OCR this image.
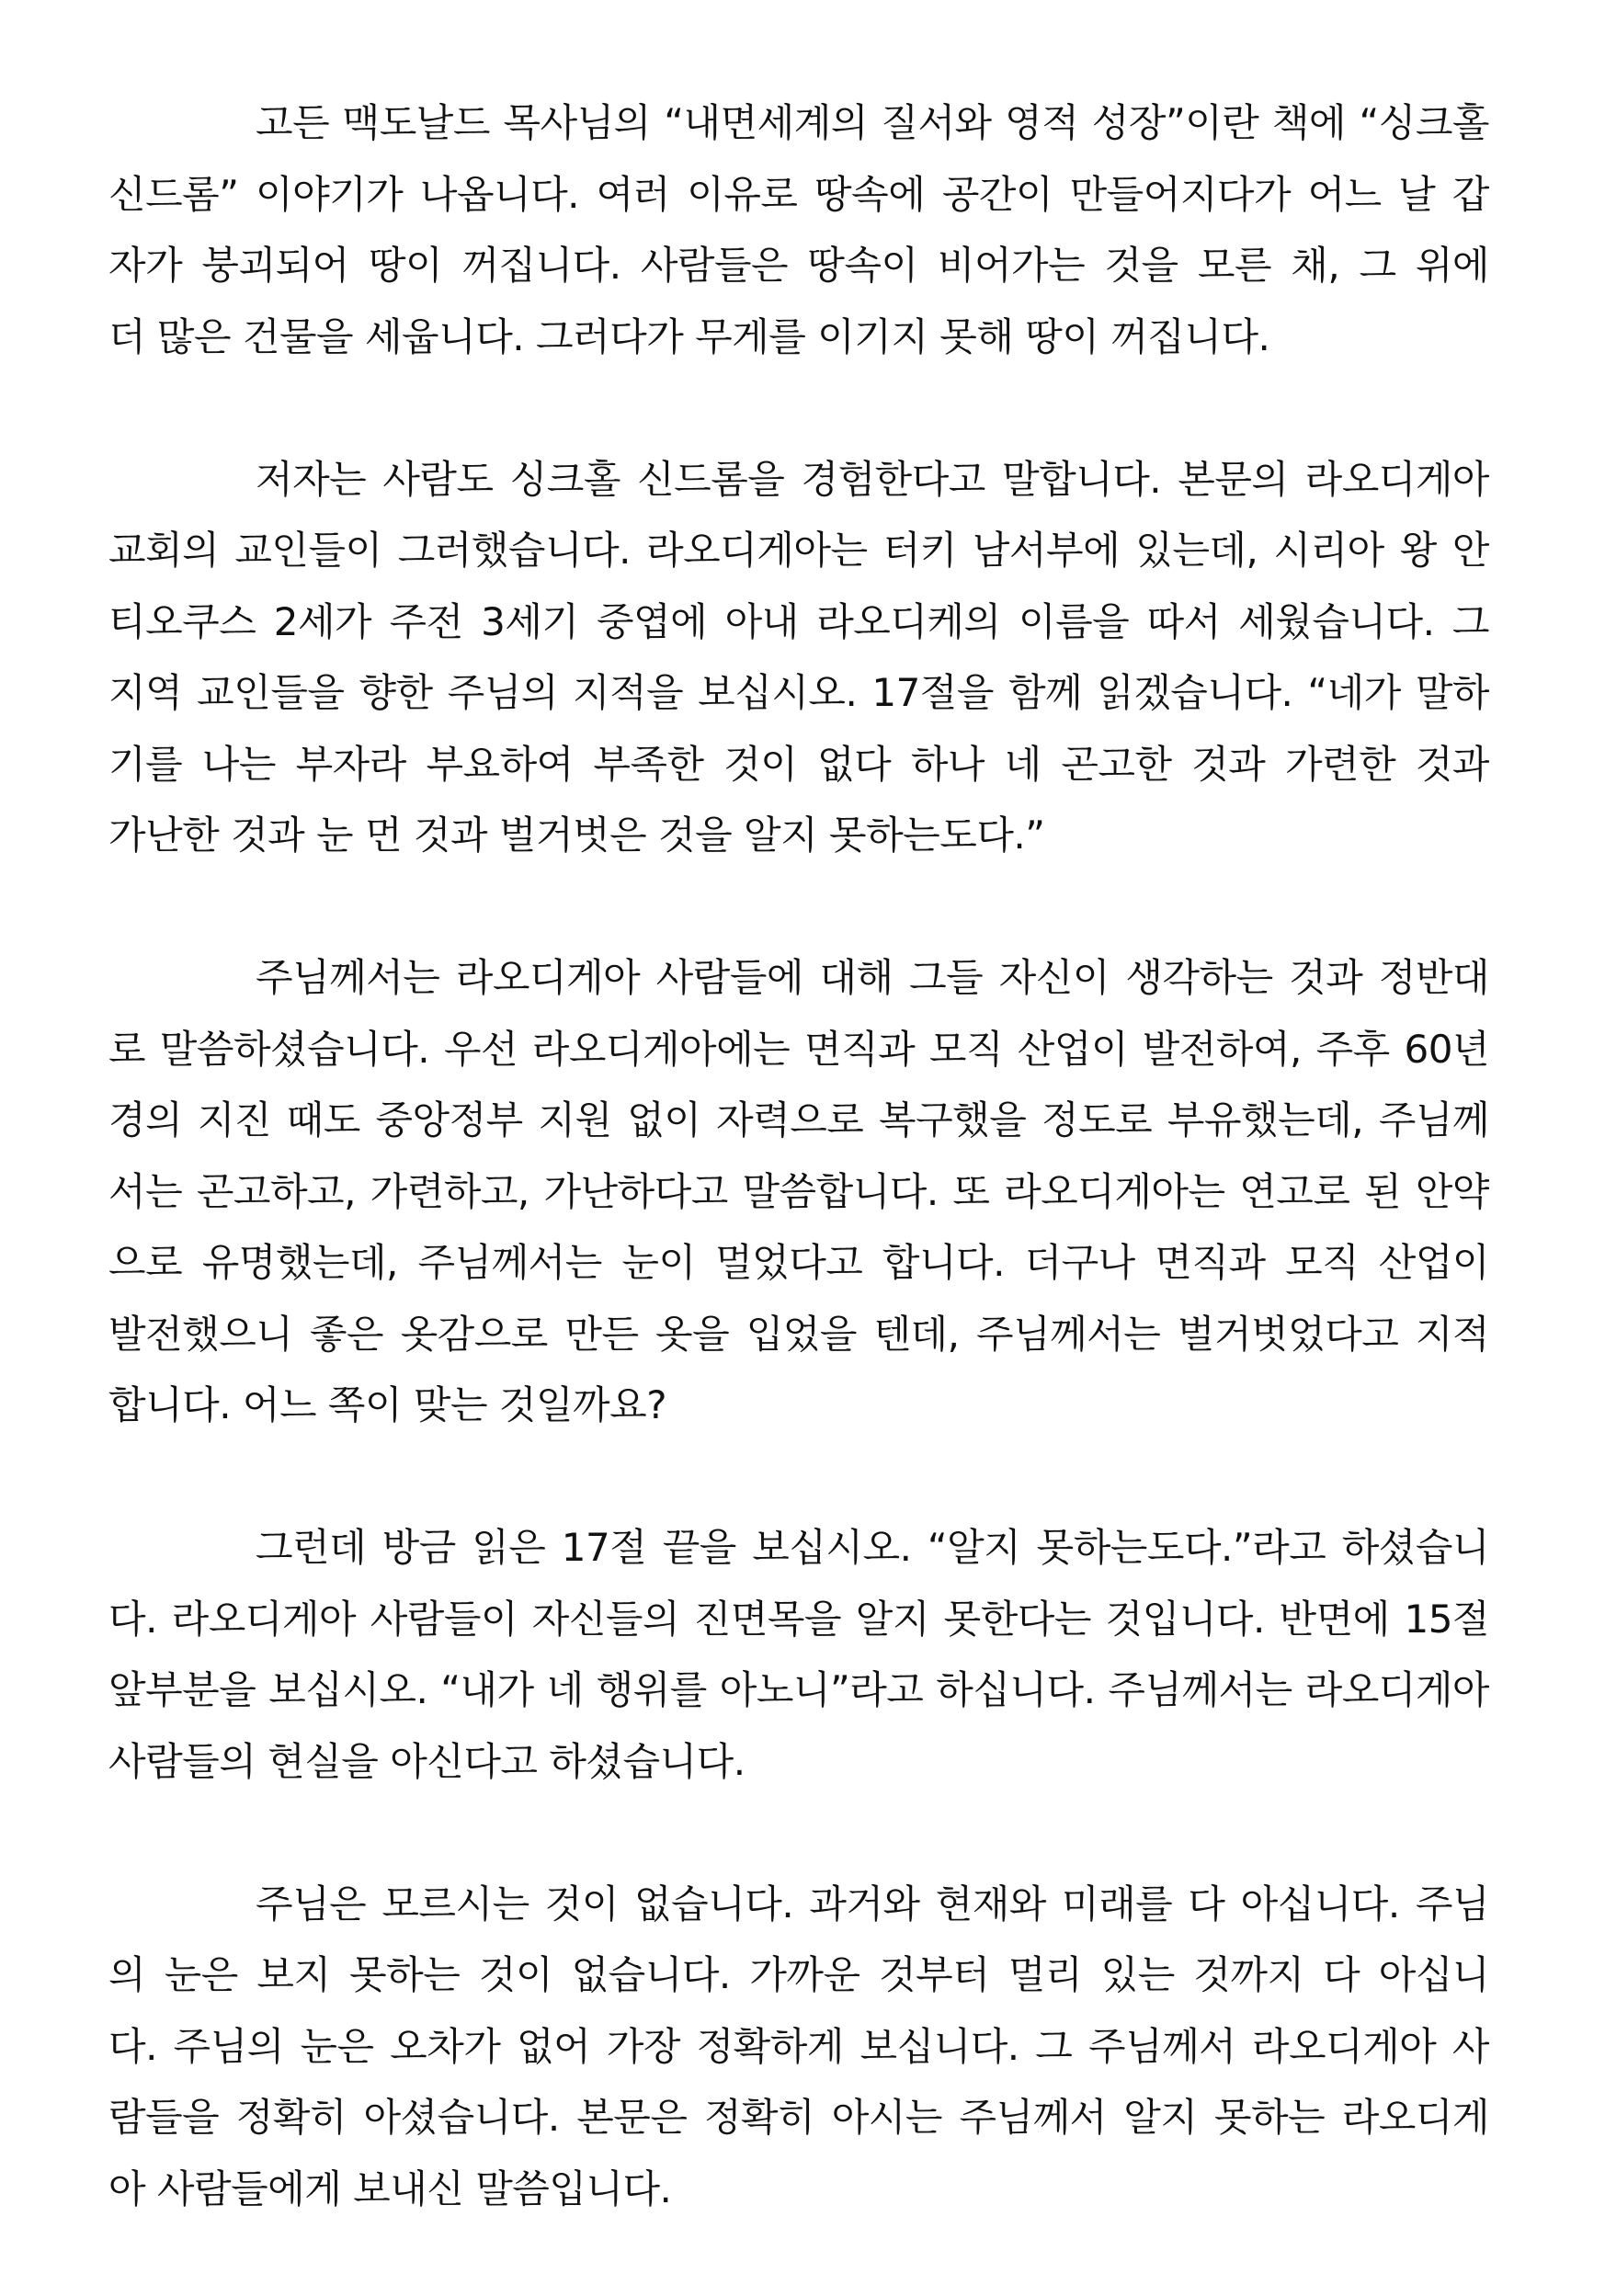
고든 맥도날드 목사님의 “내면세계의 질서와 영적 성장”이란 책에 “싱크홀
신드롬” 이야기가 나옵니다. 여러 이유로 땅속에 공간이 만들어지다가 어느 날 갑
자가 붕괴되어 땅이 꺼집니다. 사람들은 땅속이 비어가는 것을 모른 채, 그 위에
더 많은 건물을 세웁니다. 그러다가 무게를 이기지 못해 땅이 꺼집니다.
저자는 사람도 싱크홀 신드롬을 경험한다고 말합니다. 본문의 라오디게아
교회의 교인들이 그러했습니다. 라오디게아는 터키 남서부에 있는데, 시리아 왕 안
티오쿠스 2세가 주전 3세기 중엽에 아내 라오디케의 이름을 따서 세웠습니다. 그
지역 교인들을 향한 주님의 지적을 보십시오. 17절을 함께 읽겠습니다. “네가 말하
기를 나는 부자라 부요하여 부족한 것이 없다 하나 네 곤고한 것과 가련한 것과
가난한 것과 눈 먼 것과 벌거벗은 것을 알지 못하는도다.”
주님께서는 라오디게아 사람들에 대해 그들 자신이 생각하는 것과 정반대
로 말씀하셨습니다. 우선 라오디게아에는 면직과 모직 산업이 발전하여, 주후 60년
경의 지진 때도 중앙정부 지원 없이 자력으로 복구했을 정도로 부유했는데, 주님께
서는 곤고하고, 가련하고, 가난하다고 말씀합니다. 또 라오디게아는 연고로 된 안약
으로 유명했는데, 주님께서는 눈이 멀었다고 합니다. 더구나 면직과 모직 산업이
발전했으니 좋은 옷감으로 만든 옷을 입었을 텐데, 주님께서는 벌거벗었다고 지적
합니다. 어느 쪽이 맞는 것일까요?
그런데 방금 읽은 17절 끝을 보십시오. “알지 못하는도다.”라고 하셨습니
다. 라오디게아 사람들이 자신들의 진면목을 알지 못한다는 것입니다. 반면에 15절
앞부분을 보십시오. “내가 네 행위를 아노니”라고 하십니다. 주님께서는 라오디게아
사람들의 현실을 아신다고 하셨습니다.
주님은 모르시는 것이 없습니다. 과거와 현재와 미래를 다 아십니다. 주님
의 눈은 보지 못하는 것이 없습니다. 가까운 것부터 멀리 있는 것까지 다 아십니
다. 주님의 눈은 오차가 없어 가장 정확하게 보십니다. 그 주님께서 라오디게아 사
람들을 정확히 아셨습니다. 본문은 정확히 아시는 주님께서 알지 못하는 라오디게
아 사람들에게 보내신 말씀입니다.
